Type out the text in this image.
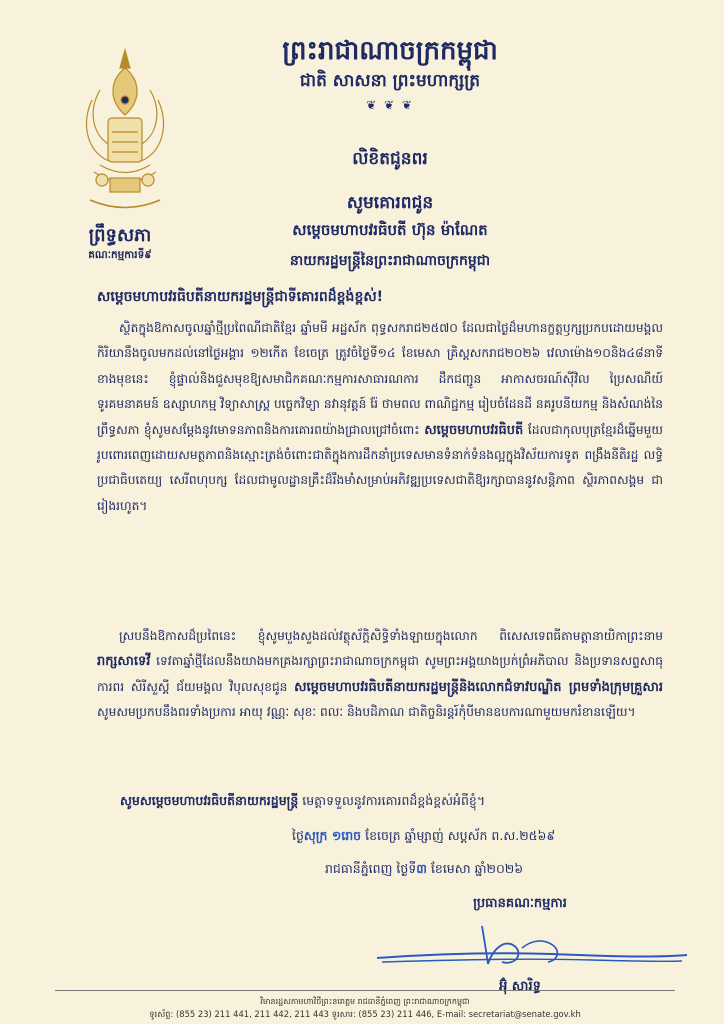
ព្រះរាជាណាចក្រកម្ពុជា
ជាតិ សាសនា ព្រះមហាក្សត្រ
❦ ❦ ❦
ព្រឹទ្ធសភា
គណៈកម្មការទី៩
លិខិតជូនពរ
សូមគោរពជូន
សម្តេចមហាបវរធិបតី ហ៊ុន ម៉ាណែត
នាយករដ្ឋមន្ត្រីនៃព្រះរាជាណាចក្រកម្ពុជា
សម្តេចមហាបវរធិបតីនាយករដ្ឋមន្ត្រីជាទីគោរពដ៏ខ្ពង់ខ្ពស់!
ស្ថិតក្នុងឱកាសចូលឆ្នាំថ្មីប្រពៃណីជាតិខ្មែរ ឆ្នាំមមី អដ្ឋស័ក ពុទ្ធសករាជ២៥៧០ ដែលជាថ្ងៃដ៏មហានក្ខត្តឫក្សប្រកបដោយមង្គលកិរិយានឹងចូលមកដល់នៅថ្ងៃអង្គារ ១២កើត ខែចេត្រ ត្រូវចំថ្ងៃទី១៤ ខែមេសា គ្រិស្តសករាជ២០២៦ វេលាម៉ោង១០និង៤៨នាទី ខាងមុខនេះ ខ្ញុំផ្ទាល់និងជួសមុខឱ្យសមាជិកគណៈកម្មការសាធារណការ ដឹកជញ្ជូន អាកាសចរណ៍ស៊ីវិល ប្រៃសណីយ៍ ទូរគមនាគមន៍ ឧស្សាហកម្ម វិទ្យាសាស្ត្រ បច្ចេកវិទ្យា នវានុវត្តន៍ រ៉ែ ថាមពល ពាណិជ្ជកម្ម រៀបចំដែនដី នគរូបនីយកម្ម និងសំណង់នៃព្រឹទ្ធសភា ខ្ញុំសូមសម្តែងនូវមោទនភាពនិងការគោរពយ៉ាងជ្រាលជ្រៅចំពោះ សម្តេចមហាបវរធិបតី ដែលជាកុលបុត្រខ្មែរដ៏ឆ្នើមមួយរូបពោរពេញដោយសមត្ថភាពនិងស្មោះត្រង់ចំពោះជាតិក្នុងការដឹកនាំប្រទេសមានទំនាក់ទំនងល្អក្នុងវិស័យការទូត ពង្រឹងនីតិរដ្ឋ លទ្ធិប្រជាធិបតេយ្យ សេរីពហុបក្ស ដែលជាមូលដ្ឋានគ្រឹះដ៏រឹងមាំសម្រាប់អភិវឌ្ឍប្រទេសជាតិឱ្យរក្សាបាននូវសន្តិភាព ស្ថិរភាពសង្គម ជារៀងរហូត។
ស្របនឹងឱកាសដ៏ប្រពៃនេះ ខ្ញុំសូមបួងសួងដល់វត្ថុស័ក្តិសិទ្ធិទាំងឡាយក្នុងលោក ពិសេសទេពធីតាមត្តានាយិកាព្រះនាមរាក្សសាទេវី ទេវតាឆ្នាំថ្មីដែលនឹងយាងមកគ្រងរក្សាព្រះរាជាណាចក្រកម្ពុជា សូមព្រះអង្គយាងប្រក់ព្រំអភិបាល និងប្រទានសព្ទសាធុការពរ សិរីសួស្តី ជ័យមង្គល វិបុលសុខជូន សម្តេចមហាបវរធិបតីនាយករដ្ឋមន្ត្រីនិងលោកជំទាវបណ្ឌិត ព្រមទាំងក្រុមគ្រួសារ សូមសមប្រកបនឹងពរទាំងប្រការ អាយុ វណ្ណៈ សុខៈ ពលៈ និងបដិភាណ ជាតិច្ចនិរន្តរ៍កុំបីមានឧបការណាមួយមករំខានឡើយ។
សូមសម្តេចមហាបវរធិបតីនាយករដ្ឋមន្ត្រី មេត្តាទទួលនូវការគោរពដ៏ខ្ពង់ខ្ពស់អំពីខ្ញុំ។
ថ្ងៃសុក្រ ១រោច ខែចេត្រ ឆ្នាំម្សាញ់ សប្តស័ក ព.ស.២៥៦៩
រាជធានីភ្នំពេញ ថ្ងៃទី៣ ខែមេសា ឆ្នាំ២០២៦
ប្រធានគណៈកម្មការ
អ៊ុំ សារិទ្ធ
វិមានរដ្ឋសភាមហាវិថីព្រះនរោត្តម រាជធានីភ្នំពេញ ព្រះរាជាណាចក្រកម្ពុជា
ទូរស័ព្ទ: (855 23) 211 441, 211 442, 211 443 ទូរសារ: (855 23) 211 446, E-mail: secretariat@senate.gov.kh
